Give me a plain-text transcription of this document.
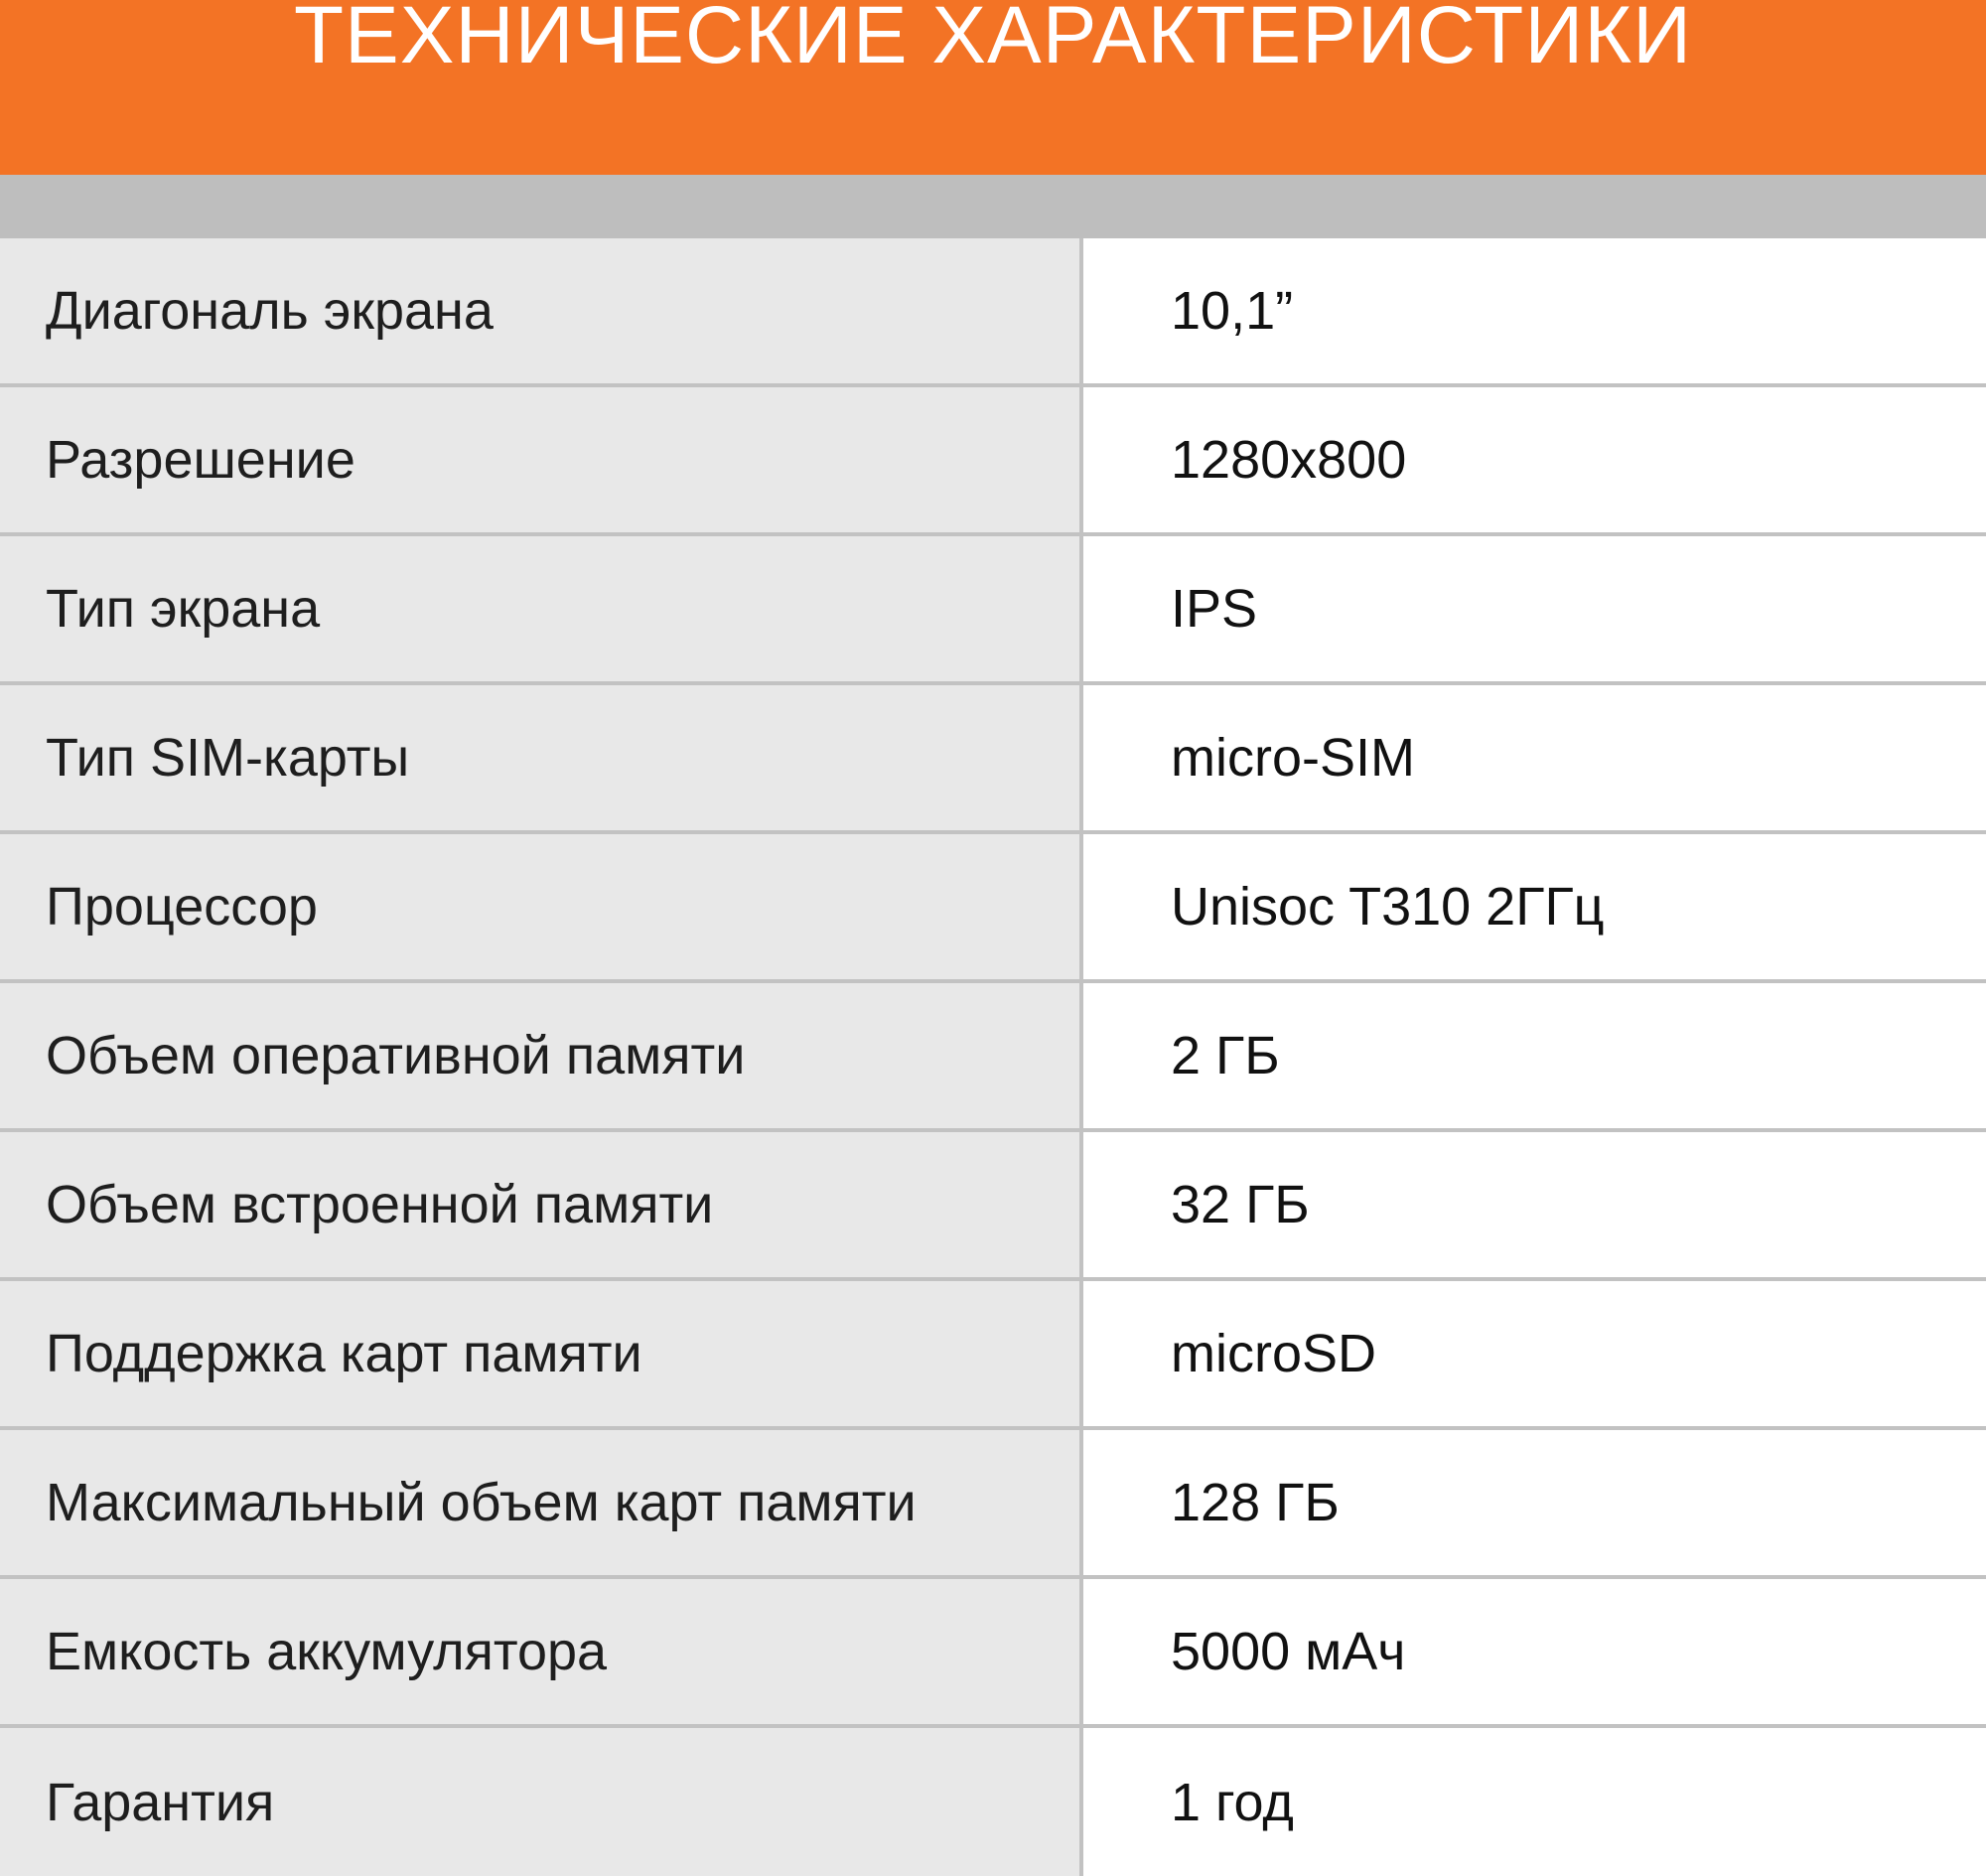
ТЕХНИЧЕСКИЕ ХАРАКТЕРИСТИКИ
Диагональ экрана	10,1”
Разрешение	1280x800
Тип экрана	IPS
Тип SIM-карты	micro-SIM
Процессор	Unisoc T310 2ГГц
Объем оперативной памяти	2 ГБ
Объем встроенной памяти	32 ГБ
Поддержка карт памяти	microSD
Максимальный объем карт памяти	128 ГБ
Емкость аккумулятора	5000 мАч
Гарантия	1 год
